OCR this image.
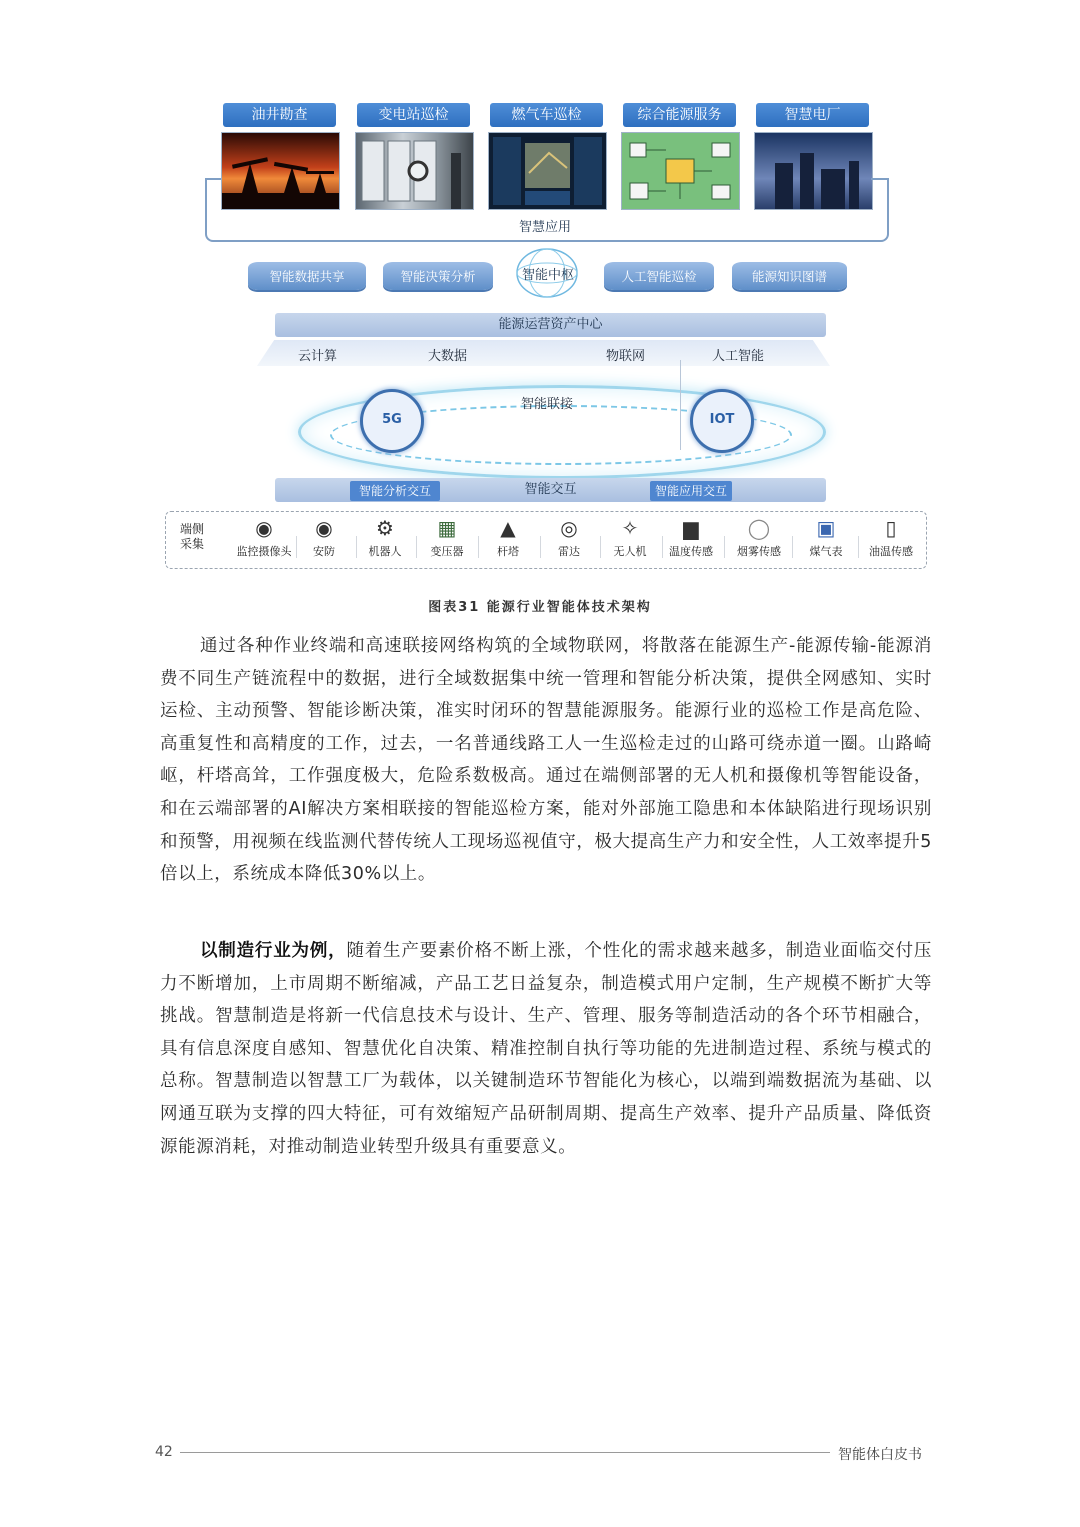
油井勘查	变电站巡检	燃气车巡检	综合能源服务	智慧电厂
智慧应用
智能数据共享	智能决策分析	人工智能巡检	能源知识图谱
智能中枢
能源运营资产中心
云计算	大数据	物联网	人工智能
智能联接
5G	IOT
智能交互
智能分析交互	智能应用交互
端侧
采集
◉
监控摄像头
◉
安防
⚙
机器人
▦
变压器
▲
杆塔
◎
雷达
✧
无人机
▆
温度传感
◯
烟雾传感
▣
煤气表
▯
油温传感
图表31 能源行业智能体技术架构
通过各种作业终端和高速联接网络构筑的全域物联网，将散落在能源生产-能源传输-能源消费不同生产链流程中的数据，进行全域数据集中统一管理和智能分析决策，提供全网感知、实时运检、主动预警、智能诊断决策，准实时闭环的智慧能源服务。能源行业的巡检工作是高危险、高重复性和高精度的工作，过去，一名普通线路工人一生巡检走过的山路可绕赤道一圈。山路崎岖，杆塔高耸，工作强度极大，危险系数极高。通过在端侧部署的无人机和摄像机等智能设备，和在云端部署的AI解决方案相联接的智能巡检方案，能对外部施工隐患和本体缺陷进行现场识别和预警，用视频在线监测代替传统人工现场巡视值守，极大提高生产力和安全性，人工效率提升5倍以上，系统成本降低30%以上。
以制造行业为例，随着生产要素价格不断上涨，个性化的需求越来越多，制造业面临交付压力不断增加，上市周期不断缩减，产品工艺日益复杂，制造模式用户定制，生产规模不断扩大等挑战。智慧制造是将新一代信息技术与设计、生产、管理、服务等制造活动的各个环节相融合，具有信息深度自感知、智慧优化自决策、精准控制自执行等功能的先进制造过程、系统与模式的总称。智慧制造以智慧工厂为载体，以关键制造环节智能化为核心，以端到端数据流为基础、以网通互联为支撑的四大特征，可有效缩短产品研制周期、提高生产效率、提升产品质量、降低资源能源消耗，对推动制造业转型升级具有重要意义。
42	智能体白皮书
